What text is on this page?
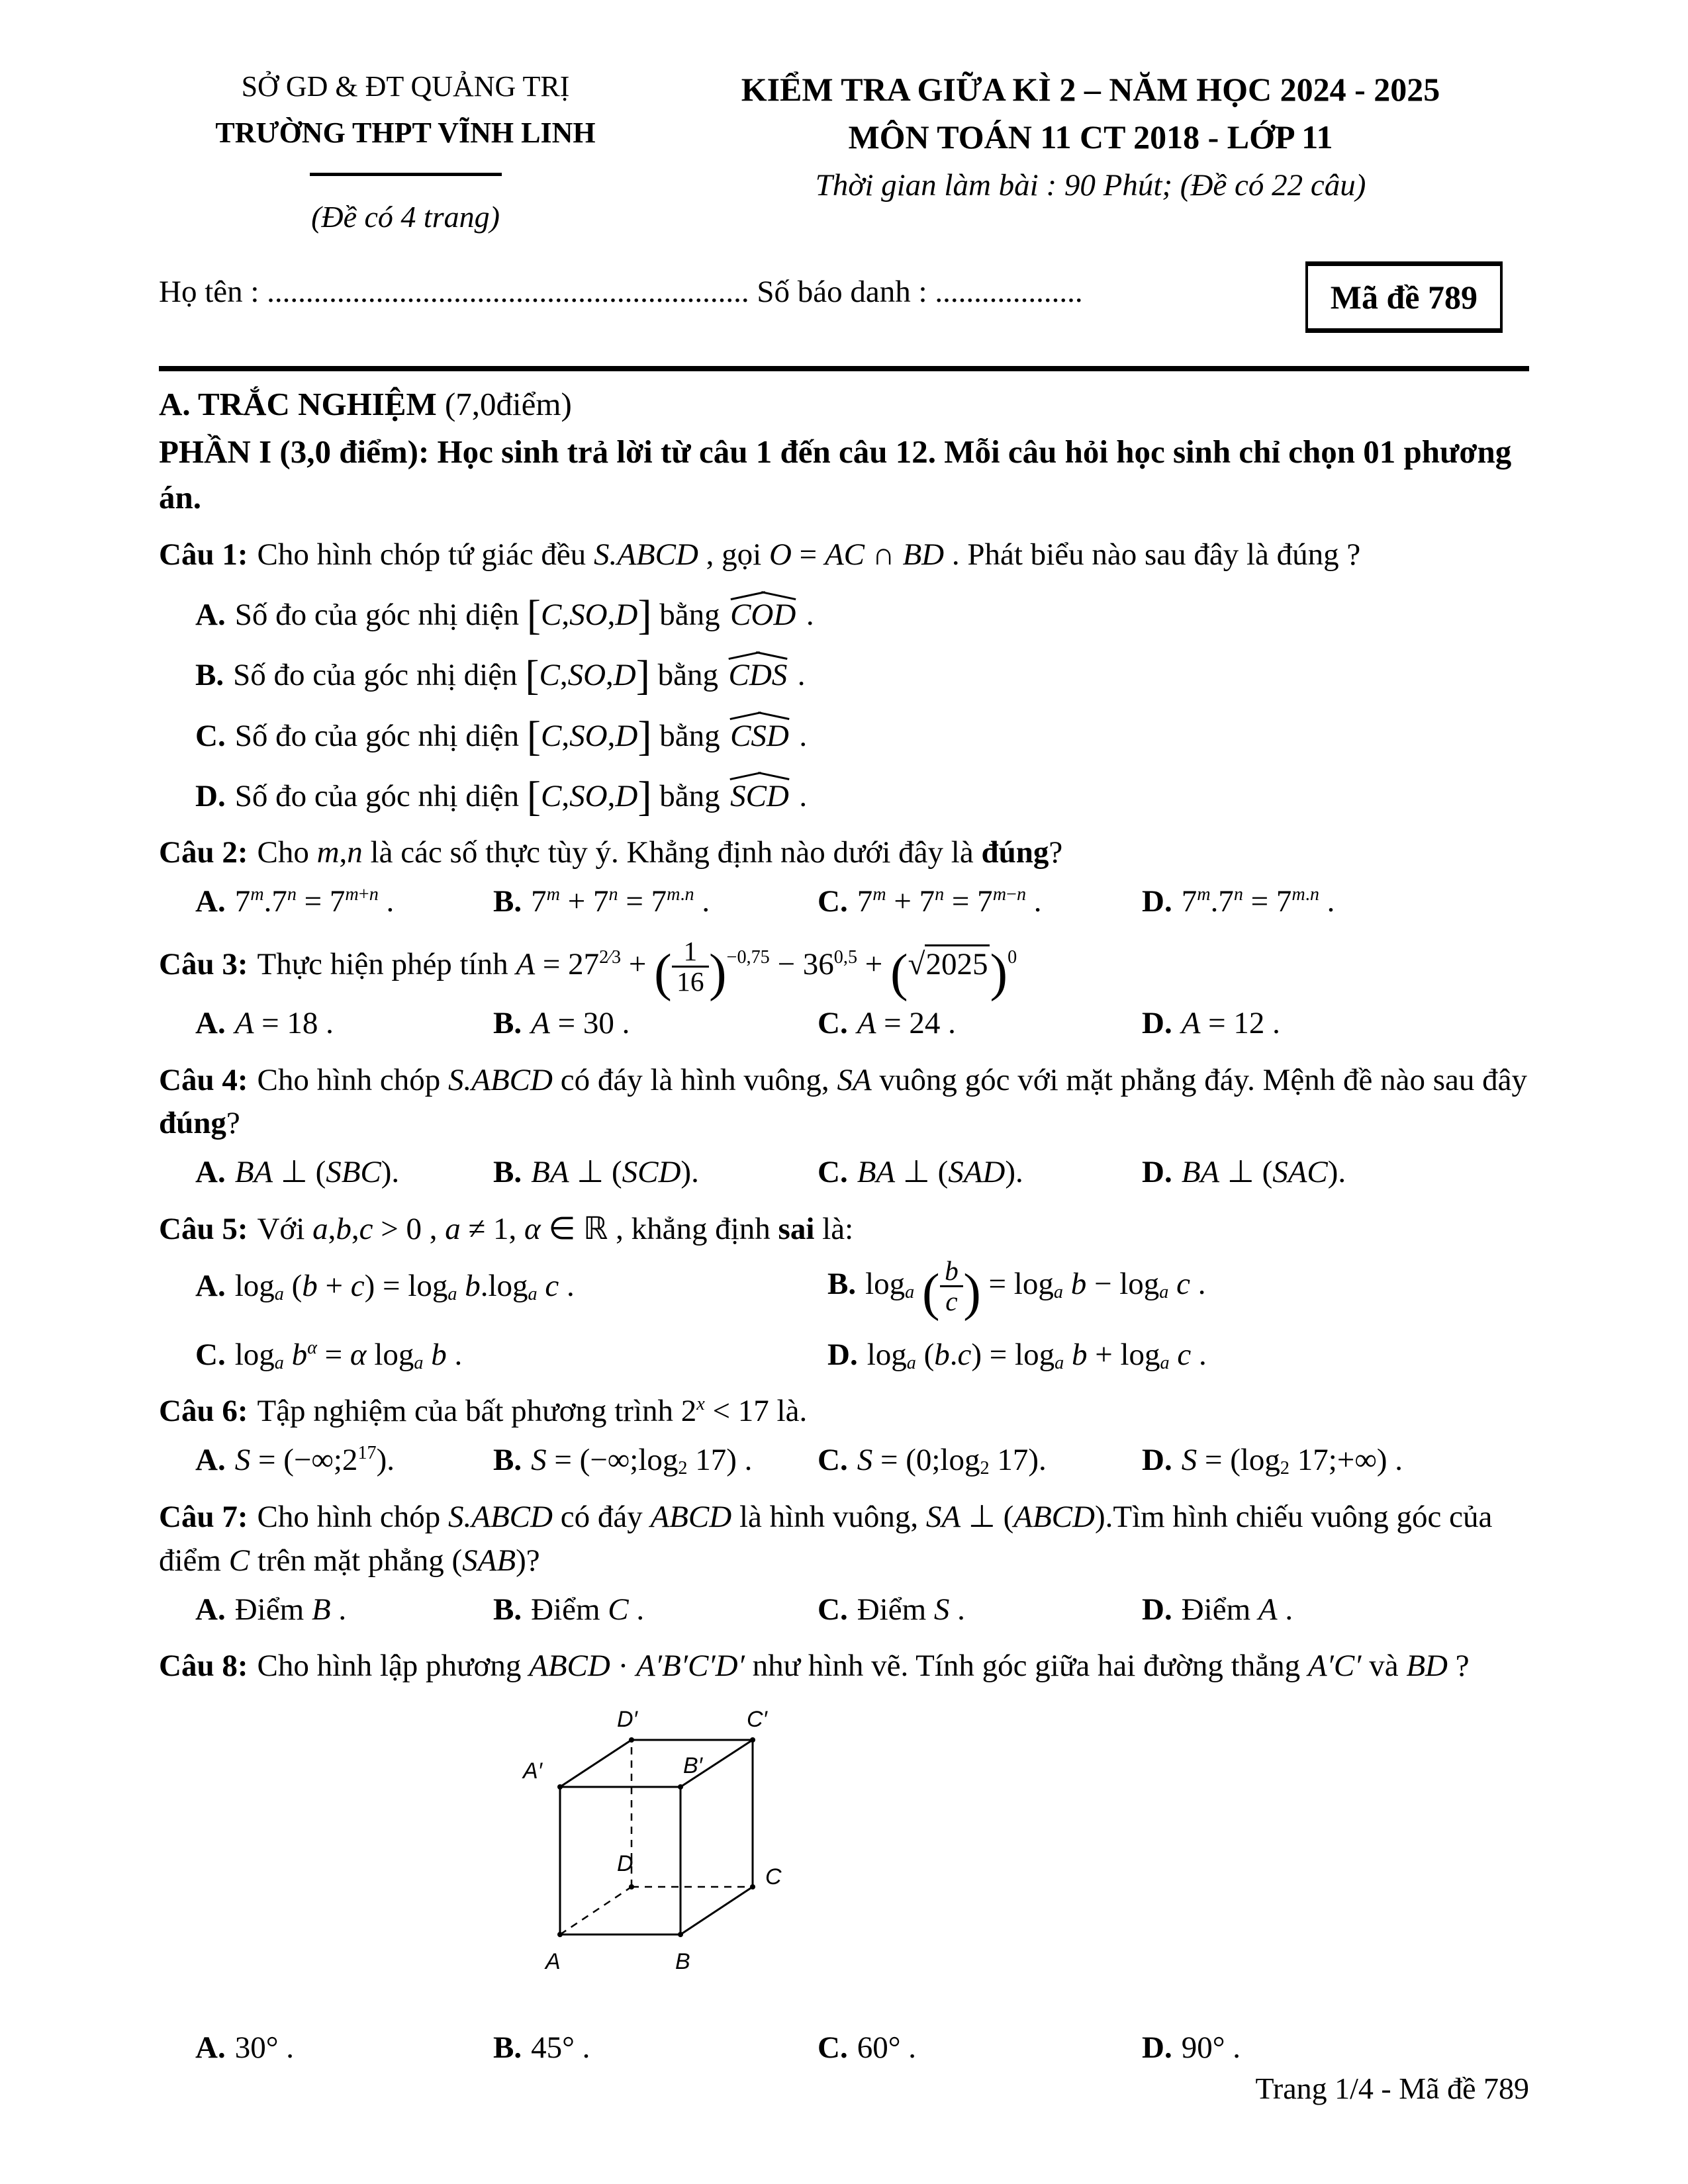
SỞ GD & ĐT QUẢNG TRỊ
TRƯỜNG THPT VĨNH LINH
(Đề có 4 trang)
KIỂM TRA GIỮA KÌ 2 – NĂM HỌC 2024 - 2025
MÔN TOÁN 11 CT 2018 - LỚP 11
Thời gian làm bài : 90 Phút; (Đề có 22 câu)
Họ tên : .............................................................. Số báo danh : ...................	Mã đề 789
A. TRẮC NGHIỆM (7,0điểm)
PHẦN I (3,0 điểm): Học sinh trả lời từ câu 1 đến câu 12. Mỗi câu hỏi học sinh chỉ chọn 01 phương án.
Câu 1: Cho hình chóp tứ giác đều S.ABCD , gọi O = AC ∩ BD . Phát biểu nào sau đây là đúng ?
A. Số đo của góc nhị diện [C,SO,D] bằng COD .
B. Số đo của góc nhị diện [C,SO,D] bằng CDS .
C. Số đo của góc nhị diện [C,SO,D] bằng CSD .
D. Số đo của góc nhị diện [C,SO,D] bằng SCD .
Câu 2: Cho m,n là các số thực tùy ý. Khẳng định nào dưới đây là đúng?
A. $7^m.7^n = 7^{m+n}$ .	B. $7^m + 7^n = 7^{m.n}$ .	C. $7^m + 7^n = 7^{m-n}$ .	D. $7^m.7^n = 7^{m.n}$ .
Câu 3: Thực hiện phép tính $A = 27^{2⁄3}$ + ( $\frac{1}{16} )^{-0,75} - 36^{0,5} + (√2025)^0$
A. A = 18 .	B. A = 30 .	C. A = 24 .	D. A = 12 .
Câu 4: Cho hình chóp S.ABCD có đáy là hình vuông, SA vuông góc với mặt phẳng đáy. Mệnh đề nào sau đây đúng?
A. BA ⊥ (SBC).	B. BA ⊥ (SCD).	C. BA ⊥ (SAD).	D. BA ⊥ (SAC).
Câu 5: Với a,b,c > 0 , a ≠ 1, α ∈ ℝ , khẳng định sai là:
A. $\log_a (b + c) = \log_a b.\log_a$ c .	B. $\log_a$ ( $\frac{b}{c}$ ) = $\log_a b - \log_a c$ .
C. $\log_a b^\alpha = \alpha$ $\log_a b$ .	D. $\log_a (b.c) = \log_a b + \log_a c$ .
Câu 6: Tập nghiệm của bất phương trình $2^x < 17$ là.
A. $S = (-\infty;2^{17})$.	B. $S = (-\infty;\log_2$ 17) .	C. $S = (0;\log_2$ 17).	D. $S = (\log_2$ 17;+∞) .
Câu 7: Cho hình chóp S.ABCD có đáy ABCD là hình vuông, SA ⊥ (ABCD).Tìm hình chiếu vuông góc của điểm C trên mặt phẳng (SAB)?
A. Điểm B .	B. Điểm C .	C. Điểm S .	D. Điểm A .
Câu 8: Cho hình lập phương ABCD · A′B′C′D′ như hình vẽ. Tính góc giữa hai đường thẳng A′C′ và BD ?
A	B
C
D
A′	B′
C′
D′
A. 30° .	B. 45° .	C. 60° .	D. 90° .
Trang 1/4 - Mã đề 789
